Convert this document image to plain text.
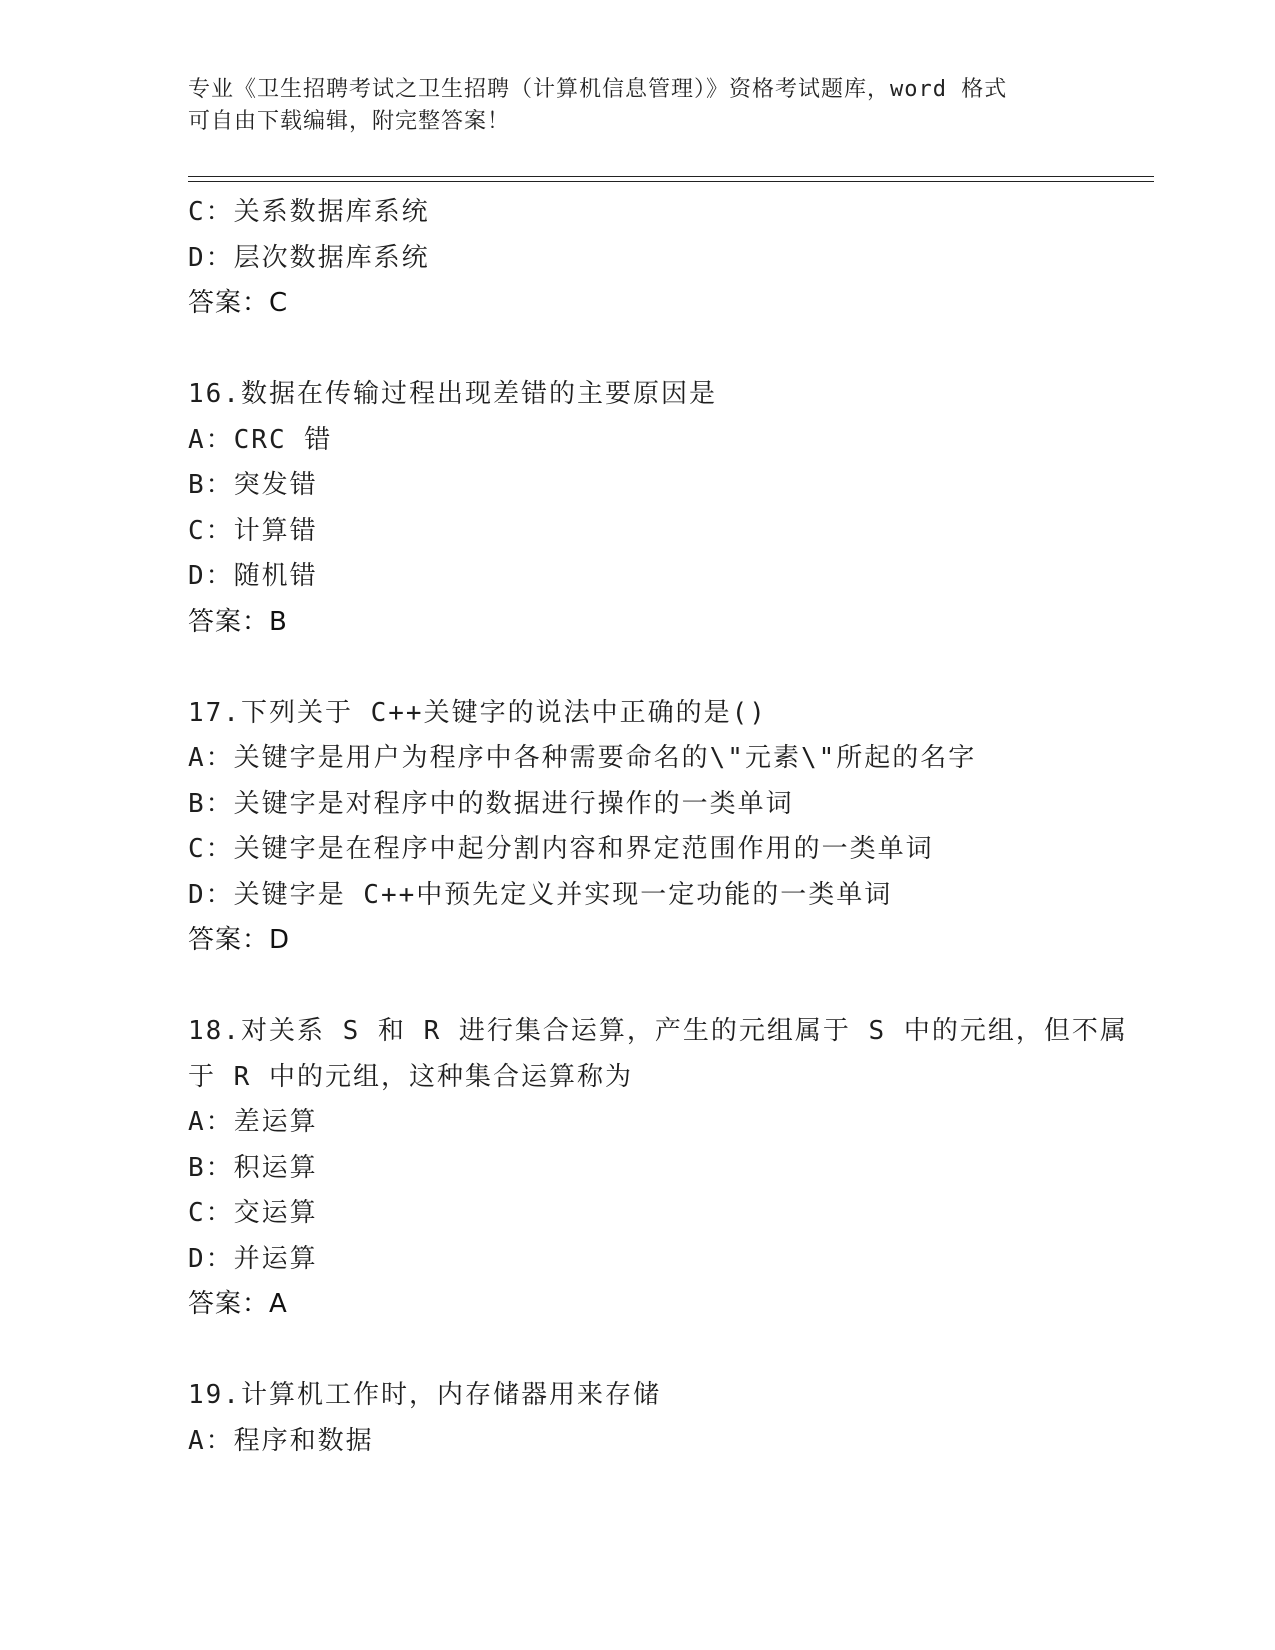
专业《卫生招聘考试之卫生招聘（计算机信息管理）》资格考试题库，word 格式
可自由下载编辑，附完整答案！
C：关系数据库系统
D：层次数据库系统
答案：C
16.数据在传输过程出现差错的主要原因是
A：CRC 错
B：突发错
C：计算错
D：随机错
答案：B
17.下列关于 C++关键字的说法中正确的是()
A：关键字是用户为程序中各种需要命名的\"元素\"所起的名字
B：关键字是对程序中的数据进行操作的一类单词
C：关键字是在程序中起分割内容和界定范围作用的一类单词
D：关键字是 C++中预先定义并实现一定功能的一类单词
答案：D
18.对关系 S 和 R 进行集合运算，产生的元组属于 S 中的元组，但不属
于 R 中的元组，这种集合运算称为
A：差运算
B：积运算
C：交运算
D：并运算
答案：A
19.计算机工作时，内存储器用来存储
A：程序和数据
